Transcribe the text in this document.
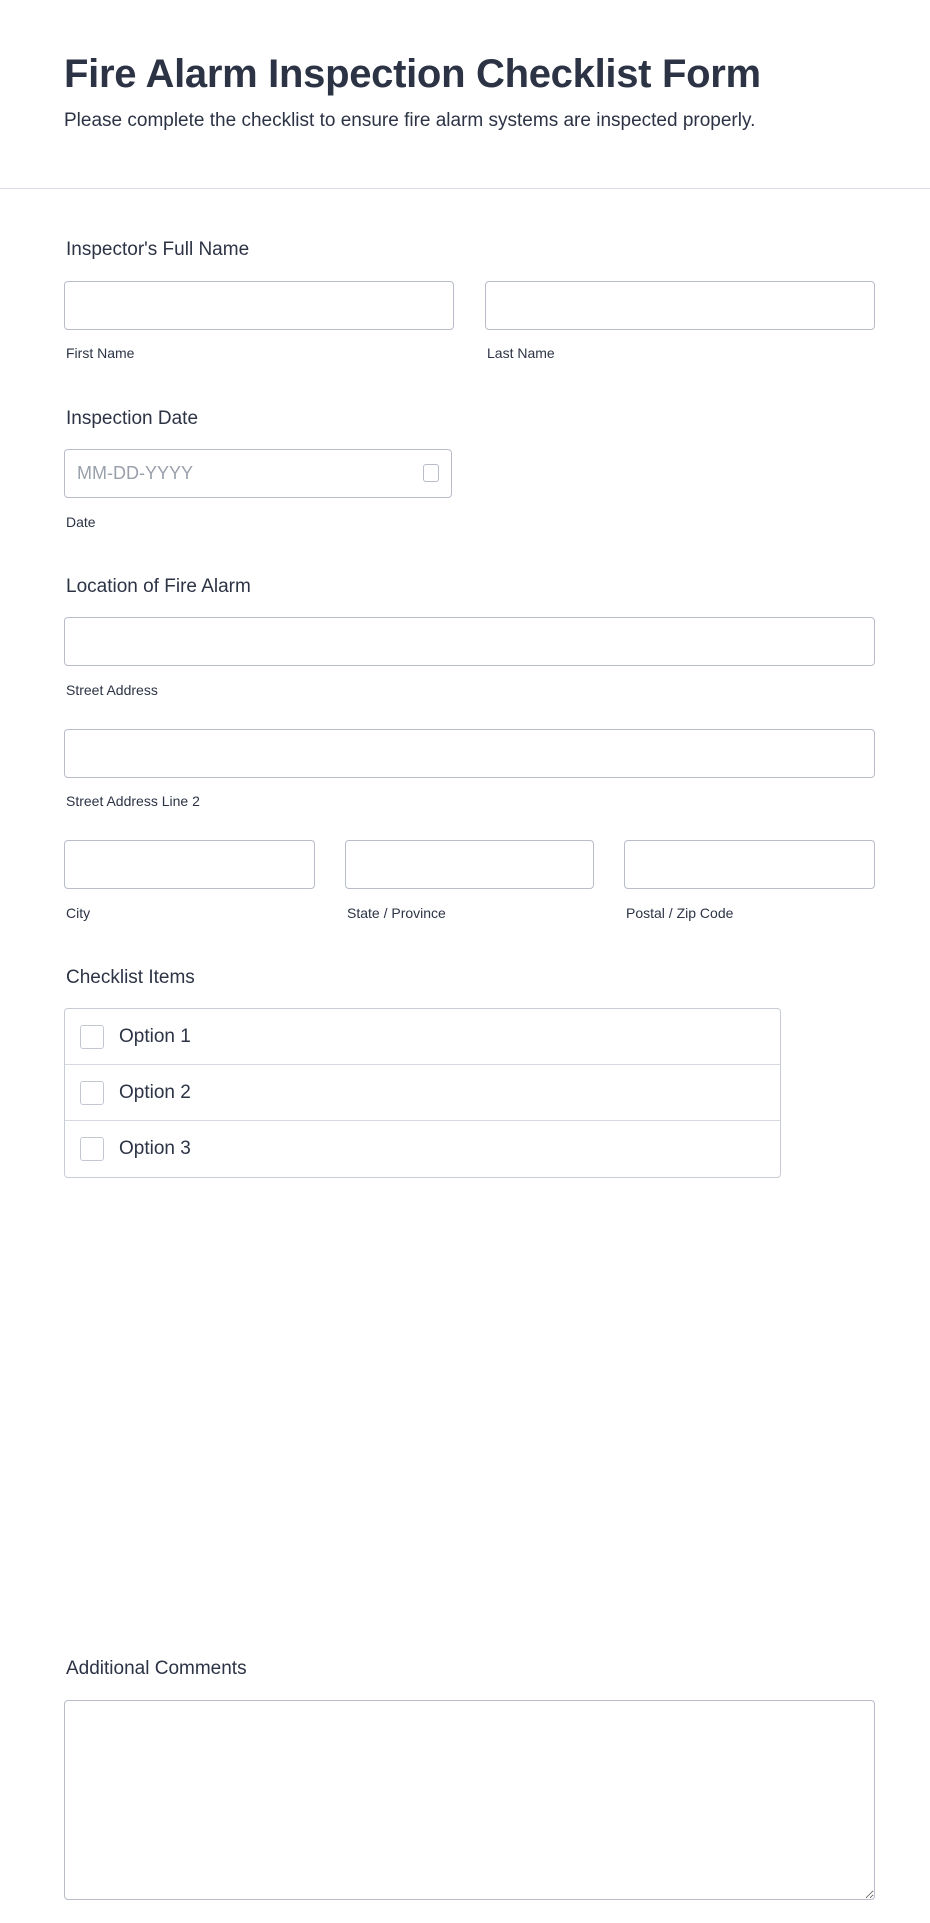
Fire Alarm Inspection Checklist Form
Please complete the checklist to ensure fire alarm systems are inspected properly.
Inspector's Full Name
First Name	Last Name
Inspection Date
MM-DD-YYYY
Date
Location of Fire Alarm
Street Address
Street Address Line 2
City	State / Province	Postal / Zip Code
Checklist Items
Option 1
Option 2
Option 3
Additional Comments
